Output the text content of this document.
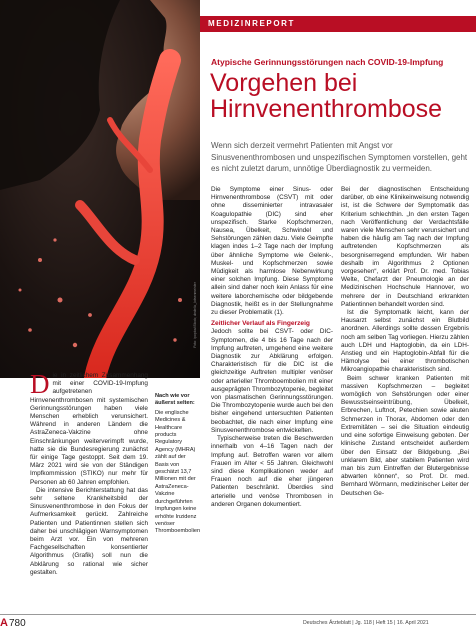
Foto: ipopba/iStock; dedelix_lotsenmeister
MEDIZINREPORT
Atypische Gerinnungsstörungen nach COVID-19-Impfung
Vorgehen bei Hirnvenenthrombose

Wenn sich derzeit vermehrt Patienten mit Angst vor Sinusvenenthrombosen und unspezifischen Symptomen vorstellen, geht es nicht zuletzt darum, unnötige Überdiagnostik zu vermeiden.

D ie in zeitlichem Zusammenhang mit einer COVID-19-Impfung aufgetretenen Hirnvenenthrombosen mit systemischen Gerinnungsstörungen haben viele Menschen erheblich verunsichert. Während in anderen Ländern die AstraZeneca-Vakzine ohne Einschränkungen weiterverimpft wurde, hatte sie die Bundesregierung zunächst für einige Tage gestoppt. Seit dem 19. März 2021 wird sie von der Ständigen Impfkommission (STIKO) nur mehr für Personen ab 60 Jahren empfohlen.

Die intensive Berichterstattung hat das sehr seltene Krankheitsbild der Sinusvenenthrombose in den Fokus der Aufmerksamkeit gerückt. Zahlreiche Patienten und Patientinnen stellen sich daher bei unschlägigen Warnsymptomen beim Arzt vor. Ein von mehreren Fachgesellschaften konsentierter Algorithmus (Grafik) soll nun die Abklärung so rational wie sicher gestalten.

Nach wie vor äußerst selten:
Die englische Medicines & Healthcare products Regulatory Agency (MHRA) zählt auf der Basis von geschätzt 13,7 Millionen mit der AstraZeneca-Vakzine durchgeführten Impfungen keine erhöhte Inzidenz venöser Thromboembolien

Die Symptome einer Sinus- oder Hirnvenenthrombose (CSVT) mit oder ohne disseminierter intravasaler Koagulopathie (DIC) sind eher unspezifisch. Starke Kopfschmerzen, Nausea, Übelkeit, Schwindel und Sehstörungen zählen dazu. Viele Geimpfte klagen indes 1–2 Tage nach der Impfung über ähnliche Symptome wie Gelenk-, Muskel- und Kopfschmerzen sowie Müdigkeit als harmlose Nebenwirkung einer solchen Impfung. Diese Symptome allein sind daher noch kein Anlass für eine weitere laborchemische oder bildgebende Diagnostik, heißt es in der Stellungnahme zu dieser Problematik (1).

Zeitlicher Verlauf als Fingerzeig

Jedoch sollte bei CSVT- oder DIC-Symptomen, die 4 bis 16 Tage nach der Impfung auftreten, umgehend eine weitere Diagnostik zur Abklärung erfolgen. Charakteristisch für die DIC ist die gleichzeitige Auftreten multipler venöser oder arterieller Thromboembolien mit einer ausgeprägten Thrombozytopenie, begleitet von plasmatischen Gerinnungsstörungen. Die Thrombozytopenie wurde auch bei den bisher eingehend untersuchten Patienten beobachtet, die nach einer Impfung eine Sinusvenenthrombose entwickelten.

Typischerweise treten die Beschwerden innerhalb von 4–16 Tagen nach der Impfung auf. Betroffen waren vor allem Frauen im Alter < 55 Jahren. Gleichwohl sind diese Komplikationen weder auf Frauen noch auf die eher jüngeren Patienten beschränkt. Überdies sind arterielle und venöse Thrombosen in anderen Organen dokumentiert.

Bei der diagnostischen Entscheidung darüber, ob eine Klinikeinweisung notwendig ist, ist die Schwere der Symptomatik das Kriterium schlechthin. „In den ersten Tagen nach Veröffentlichung der Verdachtsfälle waren viele Menschen sehr verunsichert und haben die häufig am Tag nach der Impfung auftretenden Kopfschmerzen als besorgniserregend empfunden. Wir haben deshalb im Algorithmus 2 Optionen vorgesehen“, erklärt Prof. Dr. med. Tobias Welte, Chefarzt der Pneumologie an der Medizinischen Hochschule Hannover, wo mehrere der in Deutschland erkrankten Patientinnen behandelt worden sind.

Ist die Symptomatik leicht, kann der Hausarzt selbst zunächst ein Blutbild anordnen. Allerdings sollte dessen Ergebnis noch am selben Tag vorliegen. Hierzu zählen auch LDH und Haptoglobin, da ein LDH-Anstieg und ein Haptoglobin-Abfall für die Hämolyse bei einer thrombotischen Mikroangiopathie charakteristisch sind.

Beim schwer kranken Patienten mit massiven Kopfschmerzen – begleitet womöglich von Sehstörungen oder einer Bewusstseinseintrübung, Übelkeit, Erbrechen, Luftnot, Petechien sowie akuten Schmerzen in Thorax, Abdomen oder den Extremitäten – sei die Situation eindeutig und eine sofortige Einweisung geboten. Der klinische Zustand entscheidet außerdem über den Einsatz der Bildgebung. „Bei unklarem Bild, aber stabilem Patienten wird man bis zum Eintreffen der Blutergebnisse abwarten können“, so Prof. Dr. med. Bernhard Wörmann, medizinischer Leiter der Deutschen Ge-

A 780	Deutsches Ärzteblatt | Jg. 118 | Heft 15 | 16. April 2021
